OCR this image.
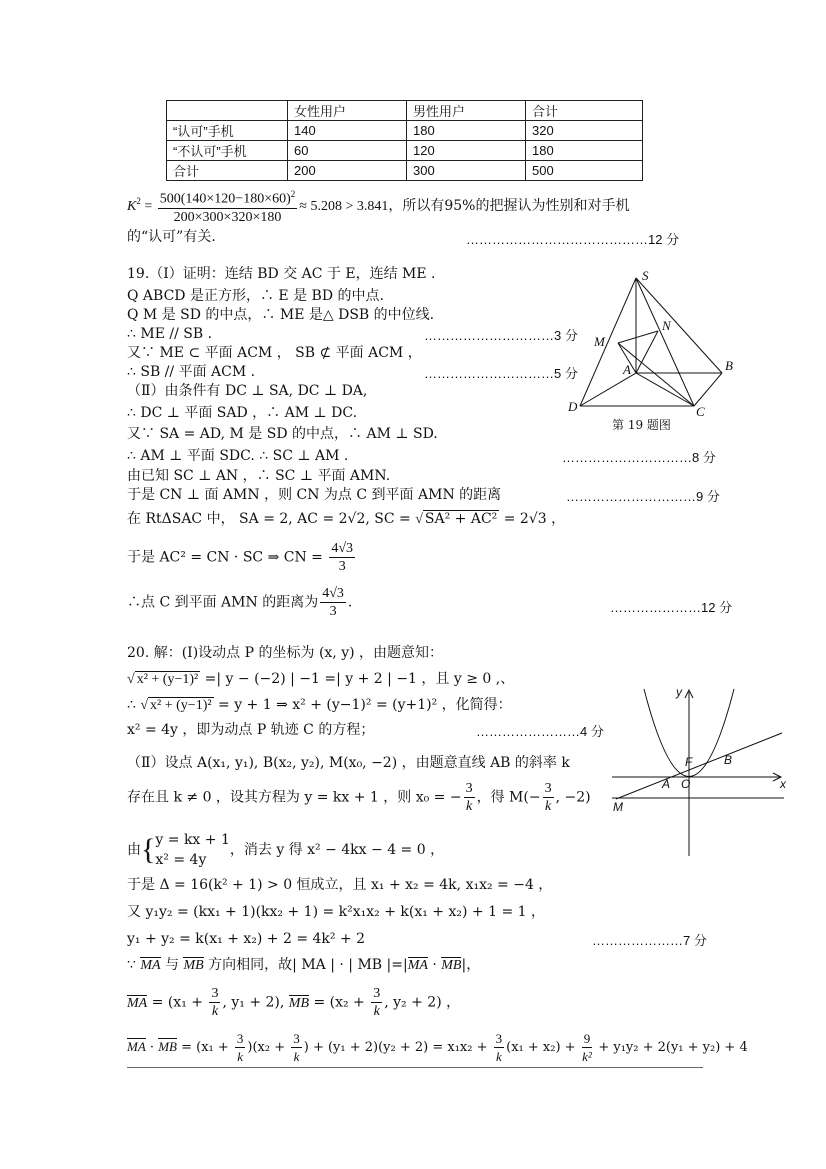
	女性用户	男性用户	合计
“认可”手机	140	180	320
“不认可”手机	60	120	180
合计	200	300	500
$K^2 = \frac{500(140\times 120-180\times 60)^2}{200\times 300\times 320\times 180} \approx 5.208 > 3.841$，所以有95%的把握认为性别和对手机
的“认可”有关.	……………………………………12 分
19.（Ⅰ）证明：连结 BD 交 AC 于 E，连结 ME .
Q ABCD 是正方形，∴ E 是 BD 的中点.
Q M 是 SD 的中点，∴ ME 是△ DSB 的中位线.
∴ ME // SB .	…………………………3 分
又∵ ME ⊂ 平面 ACM ， SB ⊄ 平面 ACM ，
∴ SB // 平面 ACM .	…………………………5 分
（Ⅱ）由条件有 DC ⊥ SA, DC ⊥ DA,
∴ DC ⊥ 平面 SAD ，∴ AM ⊥ DC.
又∵ SA = AD, M 是 SD 的中点，∴ AM ⊥ SD.
∴ AM ⊥ 平面 SDC. ∴ SC ⊥ AM .	…………………………8 分
由已知 SC ⊥ AN ，∴ SC ⊥ 平面 AMN.
于是 CN ⊥ 面 AMN ，则 CN 为点 C 到平面 AMN 的距离	…………………………9 分
在 RtΔSAC 中， SA = 2, AC = 2√2, SC = √ SA² + AC² = 2√3 ，
于是 AC² = CN · SC ⇒ CN = $\frac{4√3}{3}$
∴点 C 到平面 AMN 的距离为 $\frac{4√3}{3}$ .	…………………12 分
S
N
M
A	B
D	C
第 19 题图
20. 解：(Ⅰ)设动点 P 的坐标为 (x, y) ，由题意知：
√ x² + (y−1)² =| y − (−2) | −1 =| y + 2 | −1 ，且 y ≥ 0 ,、
∴ √ x² + (y−1)² = y + 1 ⇒ x² + (y−1)² = (y+1)² ，化简得：
x² = 4y ，即为动点 P 轨迹 C 的方程；	……………………4 分
（Ⅱ）设点 A(x₁, y₁), B(x₂, y₂), M(x₀, −2) ，由题意直线 AB 的斜率 k
存在且 k ≠ 0 ，设其方程为 y = kx + 1 ，则 x₀ = − $\frac{3}{k}$ ，得 $M(- \frac{3}{k}$ , −2)
由{ y = kx + 1
x² = 4y
，消去 y 得 x² − 4kx − 4 = 0 ，
于是 Δ = 16(k² + 1) > 0 恒成立，且 x₁ + x₂ = 4k, x₁x₂ = −4 ，
又 y₁y₂ = (kx₁ + 1)(kx₂ + 1) = k²x₁x₂ + k(x₁ + x₂) + 1 = 1 ，
y₁ + y₂ = k(x₁ + x₂) + 2 = 4k² + 2	…………………7 分
∵ MA 与 MB 方向相同，故| MA | · | MB |=|MA · MB|，
MA = ($x_1 + \frac{3}{k}$ , y₁ + 2), MB = ($x_2 + \frac{3}{k}$ , y₂ + 2) ，
MA · MB = $(x_1 + \frac{3}{k} )(x_2 + \frac{3}{k}$ ) + $(y_1 + 2)(y_2 + 2) = x_1x_2 + \frac{3}{k} (x_1 + x_2) + \frac{9}{\text{k²}} + y_1y_2 + 2(y_1 + y_2) + 4$
y
x
F	B
A O
M
